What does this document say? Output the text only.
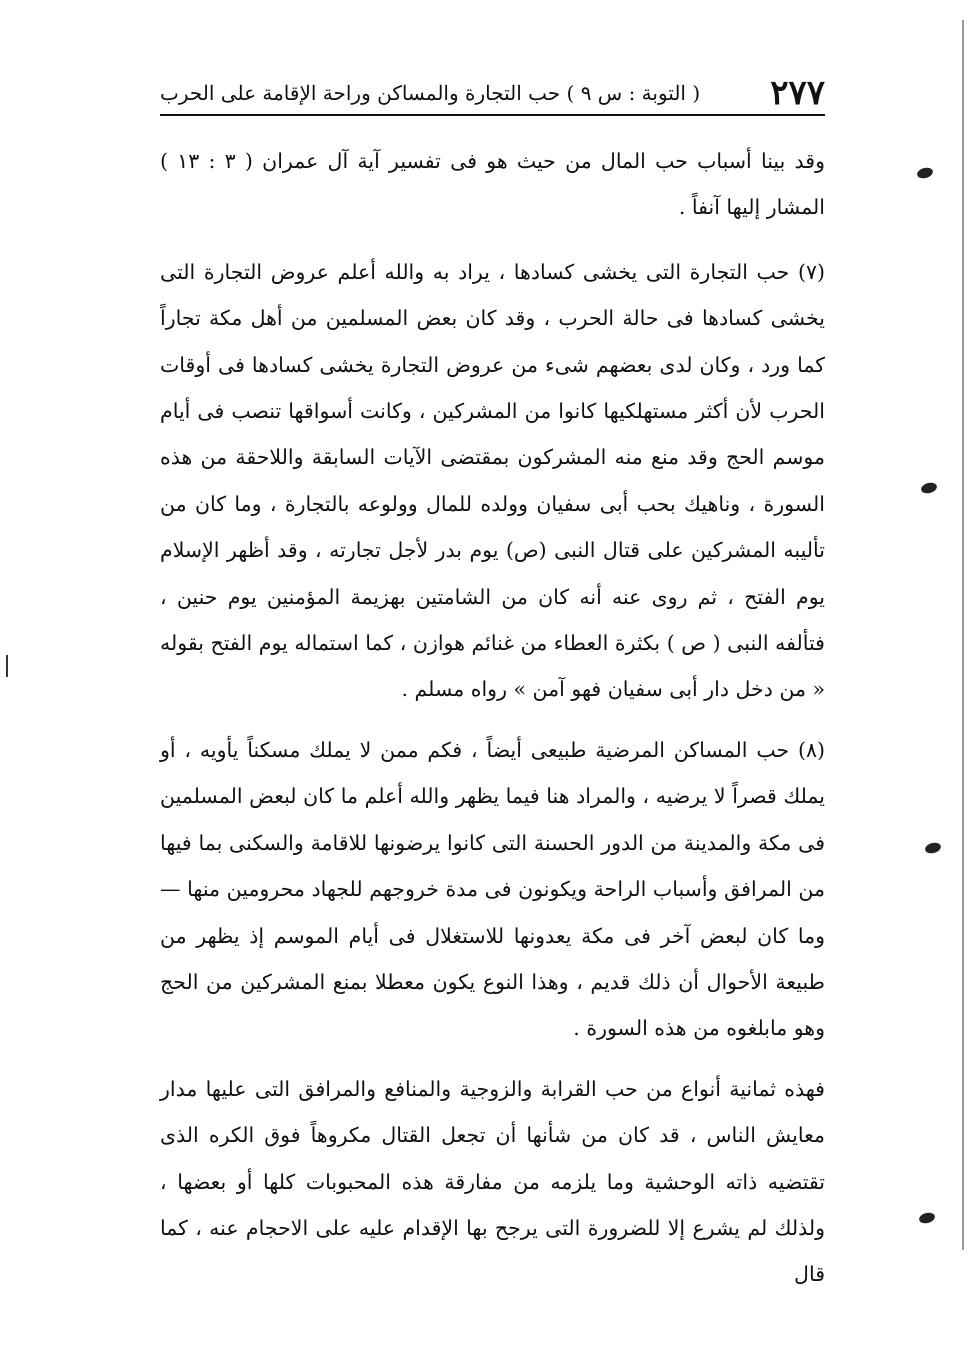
٢٧٧
( التوبة : س ٩ ) حب التجارة والمساكن وراحة الإقامة على الحرب

وقد بينا أسباب حب المال من حيث هو فى تفسير آية آل عمران ( ٣ : ١٣ ) المشار إليها آنفاً .

(٧) حب التجارة التى يخشى كسادها ، يراد به والله أعلم عروض التجارة التى يخشى كسادها فى حالة الحرب ، وقد كان بعض المسلمين من أهل مكة تجاراً كما ورد ، وكان لدى بعضهم شىء من عروض التجارة يخشى كسادها فى أوقات الحرب لأن أكثر مستهلكيها كانوا من المشركين ، وكانت أسواقها تنصب فى أيام موسم الحج وقد منع منه المشركون بمقتضى الآيات السابقة واللاحقة من هذه السورة ، وناهيك بحب أبى سفيان وولده للمال وولوعه بالتجارة ، وما كان من تأليبه المشركين على قتال النبى (ص) يوم بدر لأجل تجارته ، وقد أظهر الإسلام يوم الفتح ، ثم روى عنه أنه كان من الشامتين بهزيمة المؤمنين يوم حنين ، فتألفه النبى ( ص ) بكثرة العطاء من غنائم هوازن ، كما استماله يوم الفتح بقوله « من دخل دار أبى سفيان فهو آمن » رواه مسلم .

(٨) حب المساكن المرضية طبيعى أيضاً ، فكم ممن لا يملك مسكناً يأويه ، أو يملك قصراً لا يرضيه ، والمراد هنا فيما يظهر والله أعلم ما كان لبعض المسلمين فى مكة والمدينة من الدور الحسنة التى كانوا يرضونها للاقامة والسكنى بما فيها من المرافق وأسباب الراحة ويكونون فى مدة خروجهم للجهاد محرومين منها — وما كان لبعض آخر فى مكة يعدونها للاستغلال فى أيام الموسم إذ يظهر من طبيعة الأحوال أن ذلك قديم ، وهذا النوع يكون معطلا بمنع المشركين من الحج وهو مابلغوه من هذه السورة .

فهذه ثمانية أنواع من حب القرابة والزوجية والمنافع والمرافق التى عليها مدار معايش الناس ، قد كان من شأنها أن تجعل القتال مكروهاً فوق الكره الذى تقتضيه ذاته الوحشية وما يلزمه من مفارقة هذه المحبوبات كلها أو بعضها ، ولذلك لم يشرع إلا للضرورة التى يرجح بها الإقدام عليه على الاحجام عنه ، كما قال
